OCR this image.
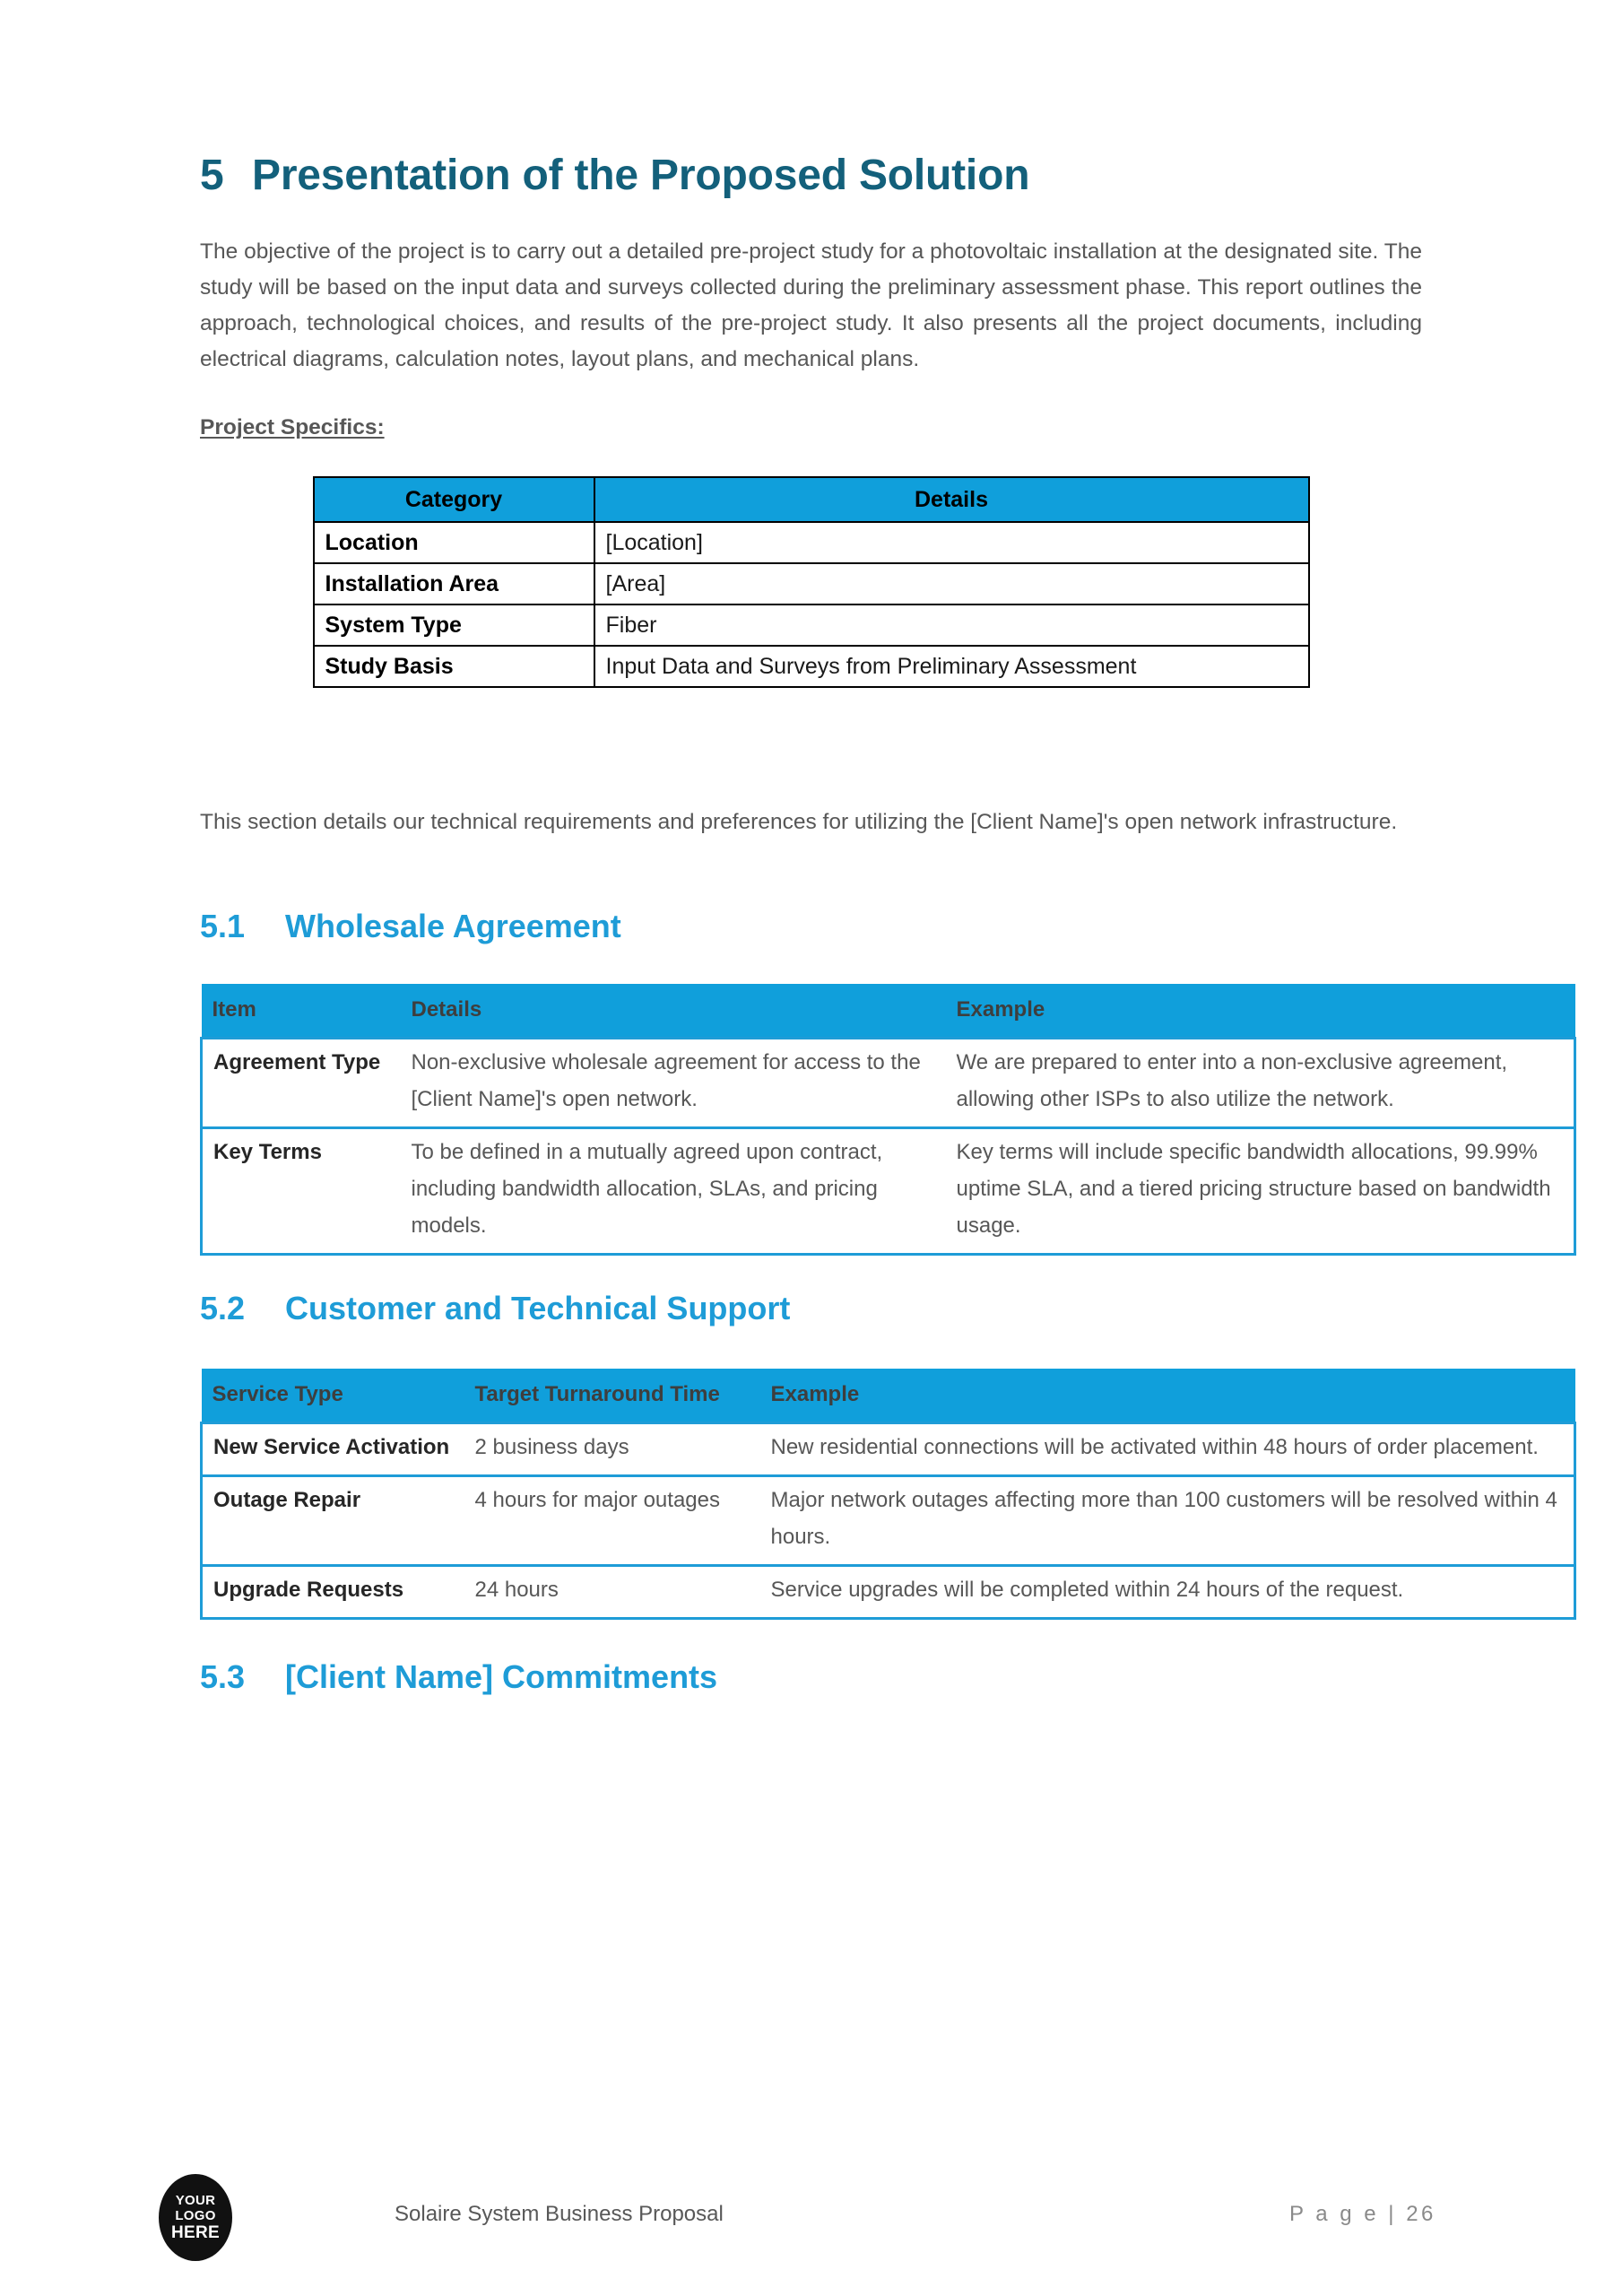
5 Presentation of the Proposed Solution

The objective of the project is to carry out a detailed pre-project study for a photovoltaic installation at the designated site. The study will be based on the input data and surveys collected during the preliminary assessment phase. This report outlines the approach, technological choices, and results of the pre-project study. It also presents all the project documents, including electrical diagrams, calculation notes, layout plans, and mechanical plans.

Project Specifics:

Category	Details
Location	[Location]
Installation Area	[Area]
System Type	Fiber
Study Basis	Input Data and Surveys from Preliminary Assessment

This section details our technical requirements and preferences for utilizing the [Client Name]'s open network infrastructure.

5.1	Wholesale Agreement
Item	Details	Example
Agreement Type	Non-exclusive wholesale agreement for access to the [Client Name]'s open network.	We are prepared to enter into a non-exclusive agreement, allowing other ISPs to also utilize the network.
Key Terms	To be defined in a mutually agreed upon contract, including bandwidth allocation, SLAs, and pricing models.	Key terms will include specific bandwidth allocations, 99.99% uptime SLA, and a tiered pricing structure based on bandwidth usage.
5.2	Customer and Technical Support
Service Type	Target Turnaround Time	Example
New Service Activation	2 business days	New residential connections will be activated within 48 hours of order placement.
Outage Repair	4 hours for major outages	Major network outages affecting more than 100 customers will be resolved within 4 hours.
Upgrade Requests	24 hours	Service upgrades will be completed within 24 hours of the request.
5.3	[Client Name] Commitments
YOUR
LOGO
HERE
Solaire System Business Proposal	P a g e | 26
